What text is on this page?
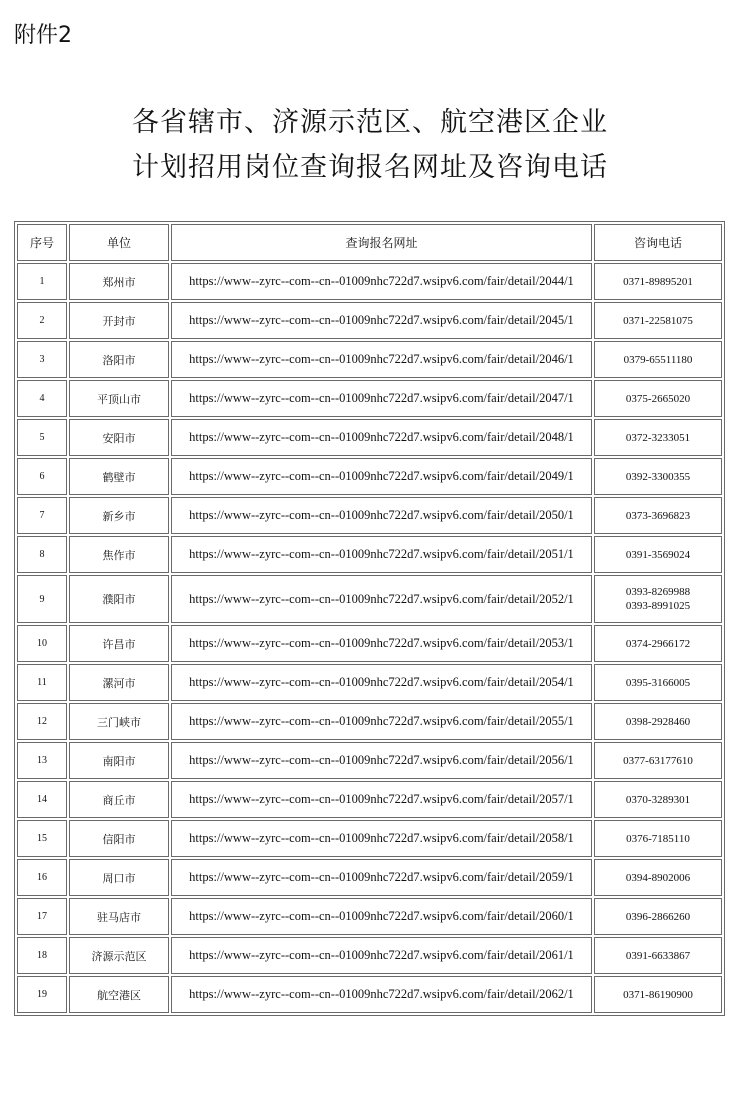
附件2
各省辖市、济源示范区、航空港区企业
计划招用岗位查询报名网址及咨询电话
序号	单位	查询报名网址	咨询电话
1	郑州市	https://www--zyrc--com--cn--01009nhc722d7.wsipv6.com/fair/detail/2044/1	0371-89895201

2	开封市	https://www--zyrc--com--cn--01009nhc722d7.wsipv6.com/fair/detail/2045/1	0371-22581075

3	洛阳市	https://www--zyrc--com--cn--01009nhc722d7.wsipv6.com/fair/detail/2046/1	0379-65511180

4	平顶山市	https://www--zyrc--com--cn--01009nhc722d7.wsipv6.com/fair/detail/2047/1	0375-2665020

5	安阳市	https://www--zyrc--com--cn--01009nhc722d7.wsipv6.com/fair/detail/2048/1	0372-3233051

6	鹤壁市	https://www--zyrc--com--cn--01009nhc722d7.wsipv6.com/fair/detail/2049/1	0392-3300355

7	新乡市	https://www--zyrc--com--cn--01009nhc722d7.wsipv6.com/fair/detail/2050/1	0373-3696823

8	焦作市	https://www--zyrc--com--cn--01009nhc722d7.wsipv6.com/fair/detail/2051/1	0391-3569024

9	濮阳市	https://www--zyrc--com--cn--01009nhc722d7.wsipv6.com/fair/detail/2052/1	0393-8269988
0393-8991025

10	许昌市	https://www--zyrc--com--cn--01009nhc722d7.wsipv6.com/fair/detail/2053/1	0374-2966172

11	漯河市	https://www--zyrc--com--cn--01009nhc722d7.wsipv6.com/fair/detail/2054/1	0395-3166005

12	三门峡市	https://www--zyrc--com--cn--01009nhc722d7.wsipv6.com/fair/detail/2055/1	0398-2928460

13	南阳市	https://www--zyrc--com--cn--01009nhc722d7.wsipv6.com/fair/detail/2056/1	0377-63177610

14	商丘市	https://www--zyrc--com--cn--01009nhc722d7.wsipv6.com/fair/detail/2057/1	0370-3289301

15	信阳市	https://www--zyrc--com--cn--01009nhc722d7.wsipv6.com/fair/detail/2058/1	0376-7185110

16	周口市	https://www--zyrc--com--cn--01009nhc722d7.wsipv6.com/fair/detail/2059/1	0394-8902006

17	驻马店市	https://www--zyrc--com--cn--01009nhc722d7.wsipv6.com/fair/detail/2060/1	0396-2866260

18	济源示范区	https://www--zyrc--com--cn--01009nhc722d7.wsipv6.com/fair/detail/2061/1	0391-6633867

19	航空港区	https://www--zyrc--com--cn--01009nhc722d7.wsipv6.com/fair/detail/2062/1	0371-86190900
